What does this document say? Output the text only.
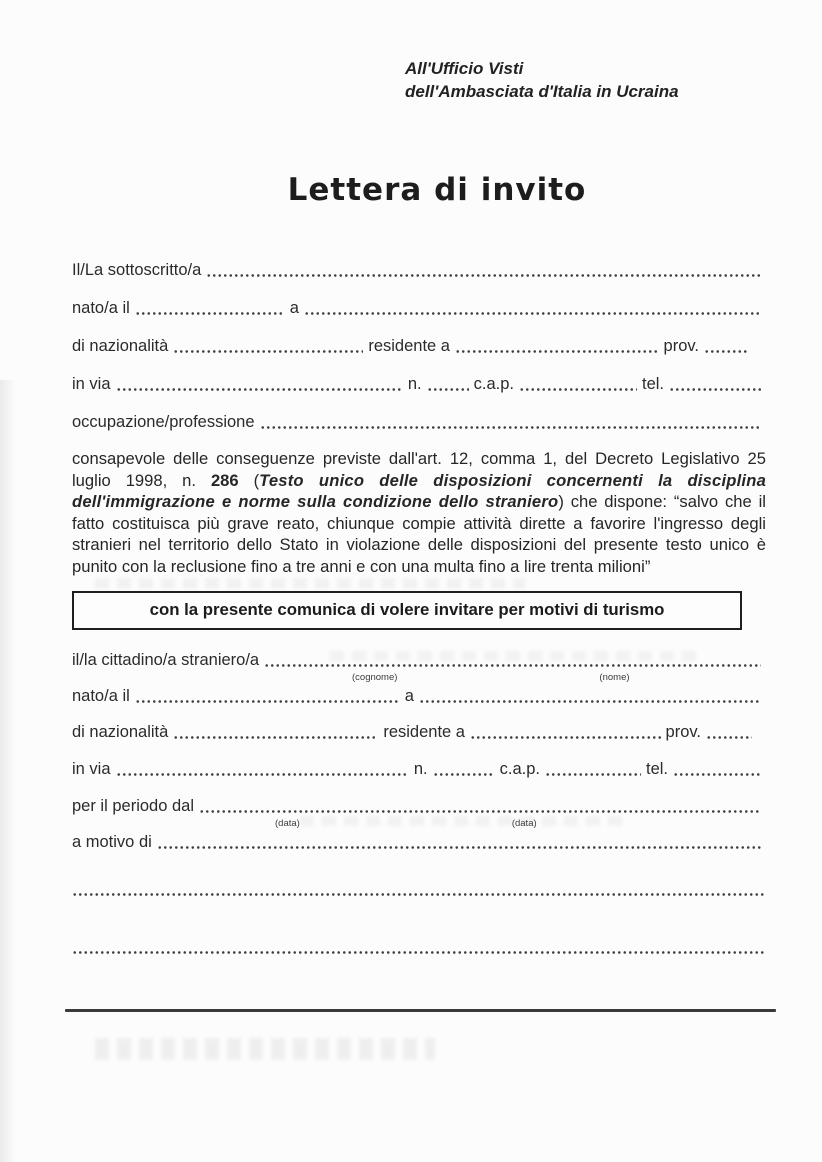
All'Ufficio Visti
dell'Ambasciata d'Italia in Ucraina
Lettera di invito
Il/La sottoscritto/a
nato/a il	a
di nazionalità	residente a	prov.
in via	n.	c.a.p.	tel.
occupazione/professione

consapevole delle conseguenze previste dall'art. 12, comma 1, del Decreto Legislativo 25 luglio 1998, n. 286 (Testo unico delle disposizioni concernenti la disciplina dell'immigrazione e norme sulla condizione dello straniero) che dispone: “salvo che il fatto costituisca più grave reato, chiunque compie attività dirette a favorire l'ingresso degli stranieri nel territorio dello Stato in violazione delle disposizioni del presente testo unico è punito con la reclusione fino a tre anni e con una multa fino a lire trenta milioni”

con la presente comunica di volere invitare per motivi di turismo
il/la cittadino/a straniero/a
(cognome)	(nome)
nato/a il	a
di nazionalità	residente a	prov.
in via	n.	c.a.p.	tel.
per il periodo dal
(data)	(data)
a motivo di
